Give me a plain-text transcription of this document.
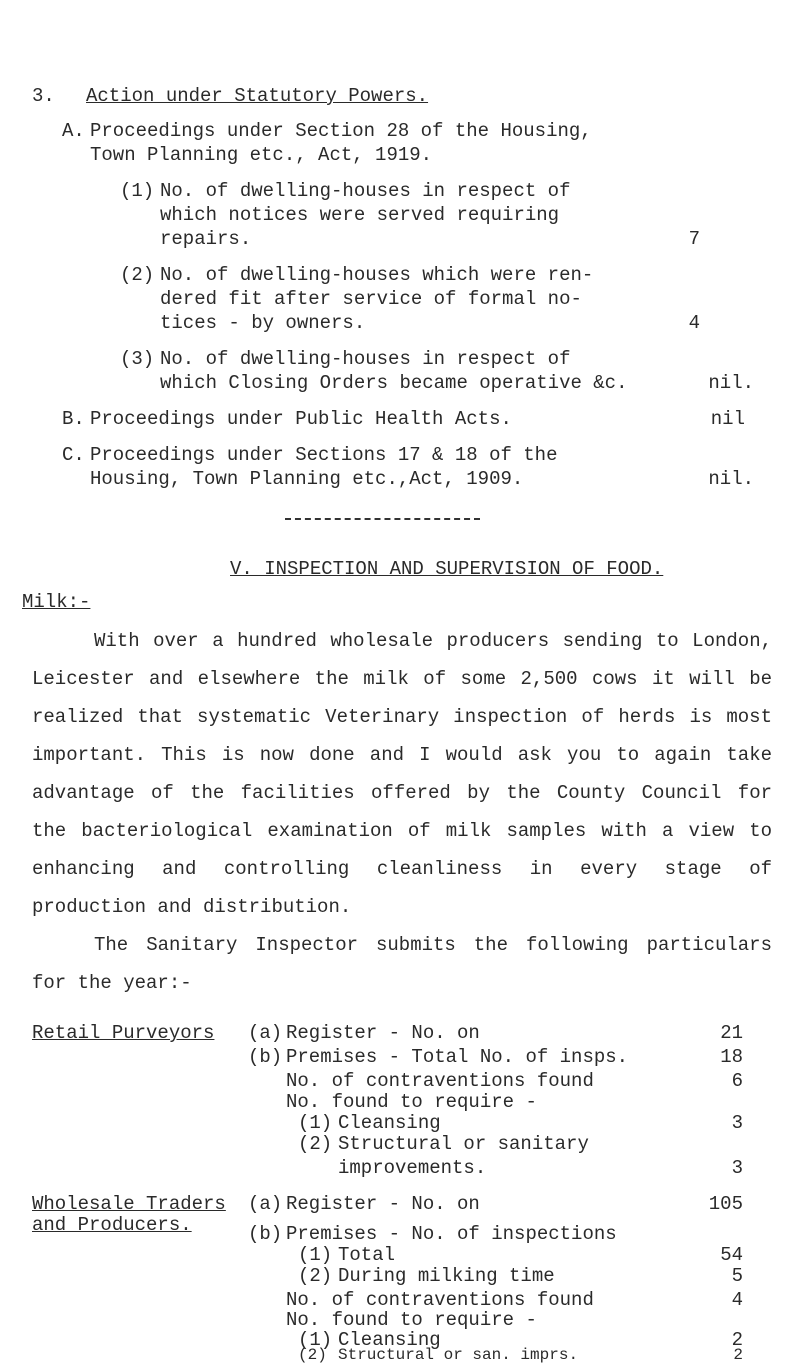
3. Action under Statutory Powers.
A. Proceedings under Section 28 of the Housing,
Town Planning etc., Act, 1919.
(1) No. of dwelling-houses in respect of
which notices were served requiring
repairs.	7
(2) No. of dwelling-houses which were ren-
dered fit after service of formal no-
tices - by owners.	4
(3) No. of dwelling-houses in respect of
which Closing Orders became operative &c.	nil.
B. Proceedings under Public Health Acts.	nil
C. Proceedings under Sections 17 & 18 of the
Housing, Town Planning etc.,Act, 1909.	nil.
V. INSPECTION AND SUPERVISION OF FOOD.
Milk:-
With over a hundred wholesale producers sending to London, Leicester and elsewhere the milk of some 2,500 cows it will be realized that systematic Veterinary inspection of herds is most important. This is now done and I would ask you to again take advantage of the facilities offered by the County Council for the bacteriological examination of milk samples with a view to enhancing and controlling cleanliness in every stage of production and distribution.
The Sanitary Inspector submits the following particulars for the year:-
Retail Purveyors (a) Register - No. on	21
(b) Premises - Total No. of insps.	18
No. of contraventions found	6
No. found to require -
(1) Cleansing	3
(2) Structural or sanitary
improvements.	3
Wholesale Traders
and Producers.
(a) Register - No. on	105
(b) Premises - No. of inspections
(1) Total	54
(2) During milking time	5
No. of contraventions found	4
No. found to require -
(1) Cleansing	2
(2) Structural or san. imprs.	2
